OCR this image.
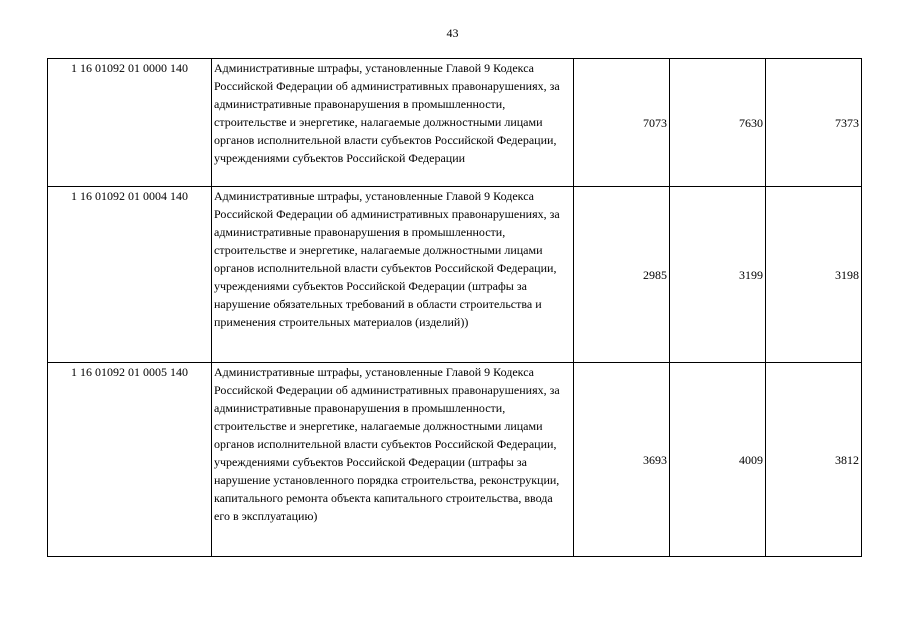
43
1 16 01092 01 0000 140	Административные штрафы, установленные Главой 9 Кодекса Российской Федерации об административных правонарушениях, за административные правонарушения в промышленности, строительстве и энергетике, налагаемые должностными лицами органов исполнительной власти субъектов Российской Федерации, учреждениями субъектов Российской Федерации	7073	7630	7373
1 16 01092 01 0004 140	Административные штрафы, установленные Главой 9 Кодекса Российской Федерации об административных правонарушениях, за административные правонарушения в промышленности, строительстве и энергетике, налагаемые должностными лицами органов исполнительной власти субъектов Российской Федерации, учреждениями субъектов Российской Федерации (штрафы за нарушение обязательных требований в области строительства и применения строительных материалов (изделий))	2985	3199	3198
1 16 01092 01 0005 140	Административные штрафы, установленные Главой 9 Кодекса Российской Федерации об административных правонарушениях, за административные правонарушения в промышленности, строительстве и энергетике, налагаемые должностными лицами органов исполнительной власти субъектов Российской Федерации, учреждениями субъектов Российской Федерации (штрафы за нарушение установленного порядка строительства, реконструкции, капитального ремонта объекта капитального строительства, ввода его в эксплуатацию)	3693	4009	3812
